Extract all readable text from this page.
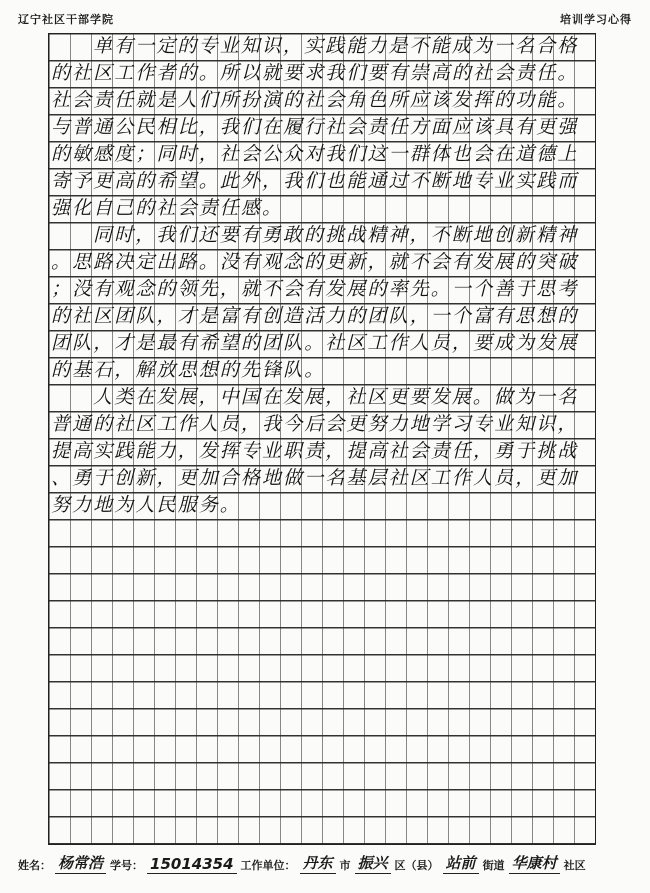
辽宁社区干部学院	培训学习心得
单有一定的专业知识，实践能力是不能成为一名合格
的社区工作者的。所以就要求我们要有崇高的社会责任。
社会责任就是人们所扮演的社会角色所应该发挥的功能。
与普通公民相比，我们在履行社会责任方面应该具有更强
的敏感度；同时，社会公众对我们这一群体也会在道德上
寄予更高的希望。此外，我们也能通过不断地专业实践而
强化自己的社会责任感。
同时，我们还要有勇敢的挑战精神，不断地创新精神
。思路决定出路。没有观念的更新，就不会有发展的突破
；没有观念的领先，就不会有发展的率先。一个善于思考
的社区团队，才是富有创造活力的团队，一个富有思想的
团队，才是最有希望的团队。社区工作人员，要成为发展
的基石，解放思想的先锋队。
人类在发展，中国在发展，社区更要发展。做为一名
普通的社区工作人员，我今后会更努力地学习专业知识，
提高实践能力，发挥专业职责，提高社会责任，勇于挑战
、勇于创新，更加合格地做一名基层社区工作人员，更加
努力地为人民服务。
姓名： 杨常浩 学号： 15014354 工作单位： 丹东 市 振兴 区（县） 站前 街道 华康村 社区
